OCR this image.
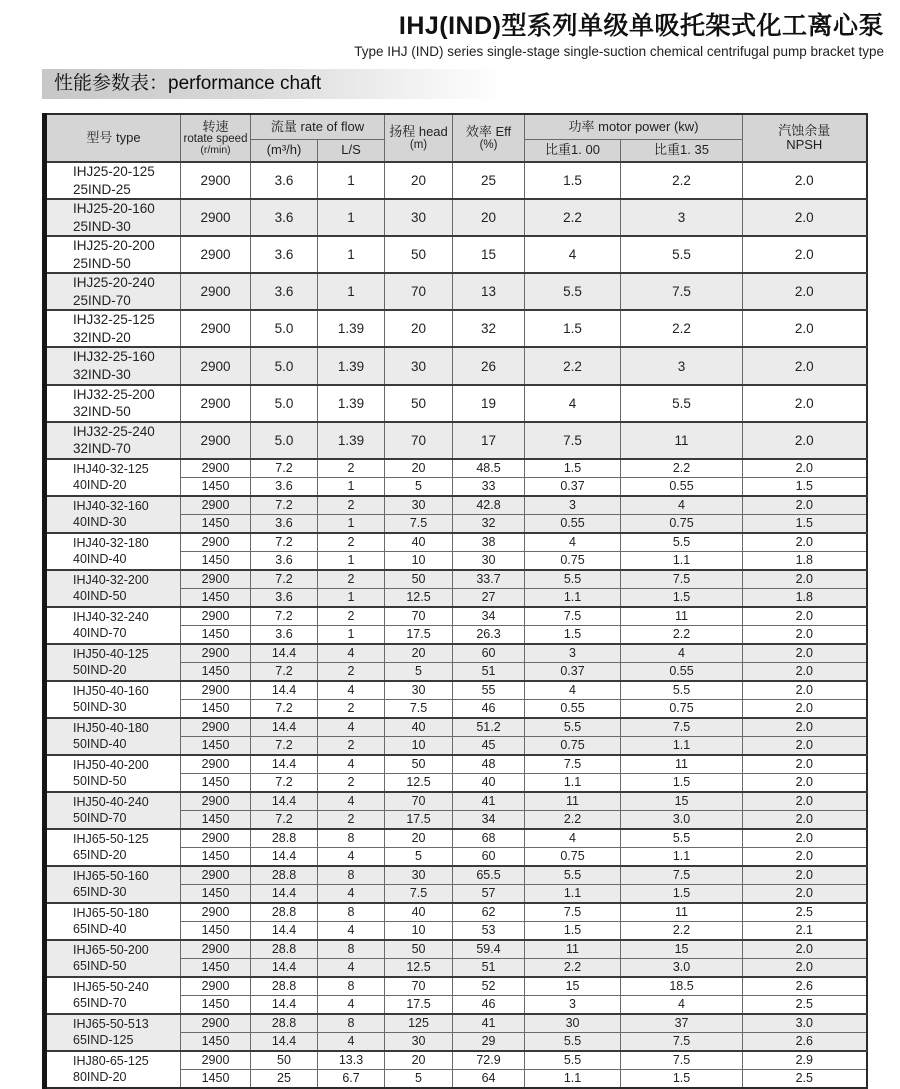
IHJ(IND)型系列单级单吸托架式化工离心泵
Type IHJ (IND) series single-stage single-suction chemical centrifugal pump bracket type
性能参数表：performance chaft
型号 type	
转速
rotate speed
(r/min)
	流量 rate of flow	扬程 head
(m)

效率 Eff
(%)
	功率 motor power (kw)	汽蚀余量
NPSH

		(m³/h)	L/S			比重1. 00	比重1. 35	

IHJ25-20-125
25IND-25	2900	3.6	1	20	25	1.5	2.2	2.0

IHJ25-20-160
25IND-30	2900	3.6	1	30	20	2.2	3	2.0

IHJ25-20-200
25IND-50	2900	3.6	1	50	15	4	5.5	2.0

IHJ25-20-240
25IND-70	2900	3.6	1	70	13	5.5	7.5	2.0

IHJ32-25-125
32IND-20	2900	5.0	1.39	20	32	1.5	2.2	2.0

IHJ32-25-160
32IND-30	2900	5.0	1.39	30	26	2.2	3	2.0

IHJ32-25-200
32IND-50	2900	5.0	1.39	50	19	4	5.5	2.0

IHJ32-25-240
32IND-70	2900	5.0	1.39	70	17	7.5	11	2.0

IHJ40-32-125
40IND-20	2900	7.2	2	20	48.5	1.5	2.2	2.0
	1450	3.6	1	5	33	0.37	0.55	1.5

IHJ40-32-160
40IND-30	2900	7.2	2	30	42.8	3	4	2.0
	1450	3.6	1	7.5	32	0.55	0.75	1.5

IHJ40-32-180
40IND-40	2900	7.2	2	40	38	4	5.5	2.0
	1450	3.6	1	10	30	0.75	1.1	1.8

IHJ40-32-200
40IND-50	2900	7.2	2	50	33.7	5.5	7.5	2.0
	1450	3.6	1	12.5	27	1.1	1.5	1.8

IHJ40-32-240
40IND-70	2900	7.2	2	70	34	7.5	11	2.0
	1450	3.6	1	17.5	26.3	1.5	2.2	2.0

IHJ50-40-125
50IND-20	2900	14.4	4	20	60	3	4	2.0
	1450	7.2	2	5	51	0.37	0.55	2.0

IHJ50-40-160
50IND-30	2900	14.4	4	30	55	4	5.5	2.0
	1450	7.2	2	7.5	46	0.55	0.75	2.0

IHJ50-40-180
50IND-40	2900	14.4	4	40	51.2	5.5	7.5	2.0
	1450	7.2	2	10	45	0.75	1.1	2.0

IHJ50-40-200
50IND-50	2900	14.4	4	50	48	7.5	11	2.0
	1450	7.2	2	12.5	40	1.1	1.5	2.0

IHJ50-40-240
50IND-70	2900	14.4	4	70	41	11	15	2.0
	1450	7.2	2	17.5	34	2.2	3.0	2.0

IHJ65-50-125
65IND-20	2900	28.8	8	20	68	4	5.5	2.0
	1450	14.4	4	5	60	0.75	1.1	2.0

IHJ65-50-160
65IND-30	2900	28.8	8	30	65.5	5.5	7.5	2.0
	1450	14.4	4	7.5	57	1.1	1.5	2.0

IHJ65-50-180
65IND-40	2900	28.8	8	40	62	7.5	11	2.5
	1450	14.4	4	10	53	1.5	2.2	2.1

IHJ65-50-200
65IND-50	2900	28.8	8	50	59.4	11	15	2.0
	1450	14.4	4	12.5	51	2.2	3.0	2.0

IHJ65-50-240
65IND-70	2900	28.8	8	70	52	15	18.5	2.6
	1450	14.4	4	17.5	46	3	4	2.5

IHJ65-50-513
65IND-125	2900	28.8	8	125	41	30	37	3.0
	1450	14.4	4	30	29	5.5	7.5	2.6

IHJ80-65-125
80IND-20	2900	50	13.3	20	72.9	5.5	7.5	2.9
	1450	25	6.7	5	64	1.1	1.5	2.5
